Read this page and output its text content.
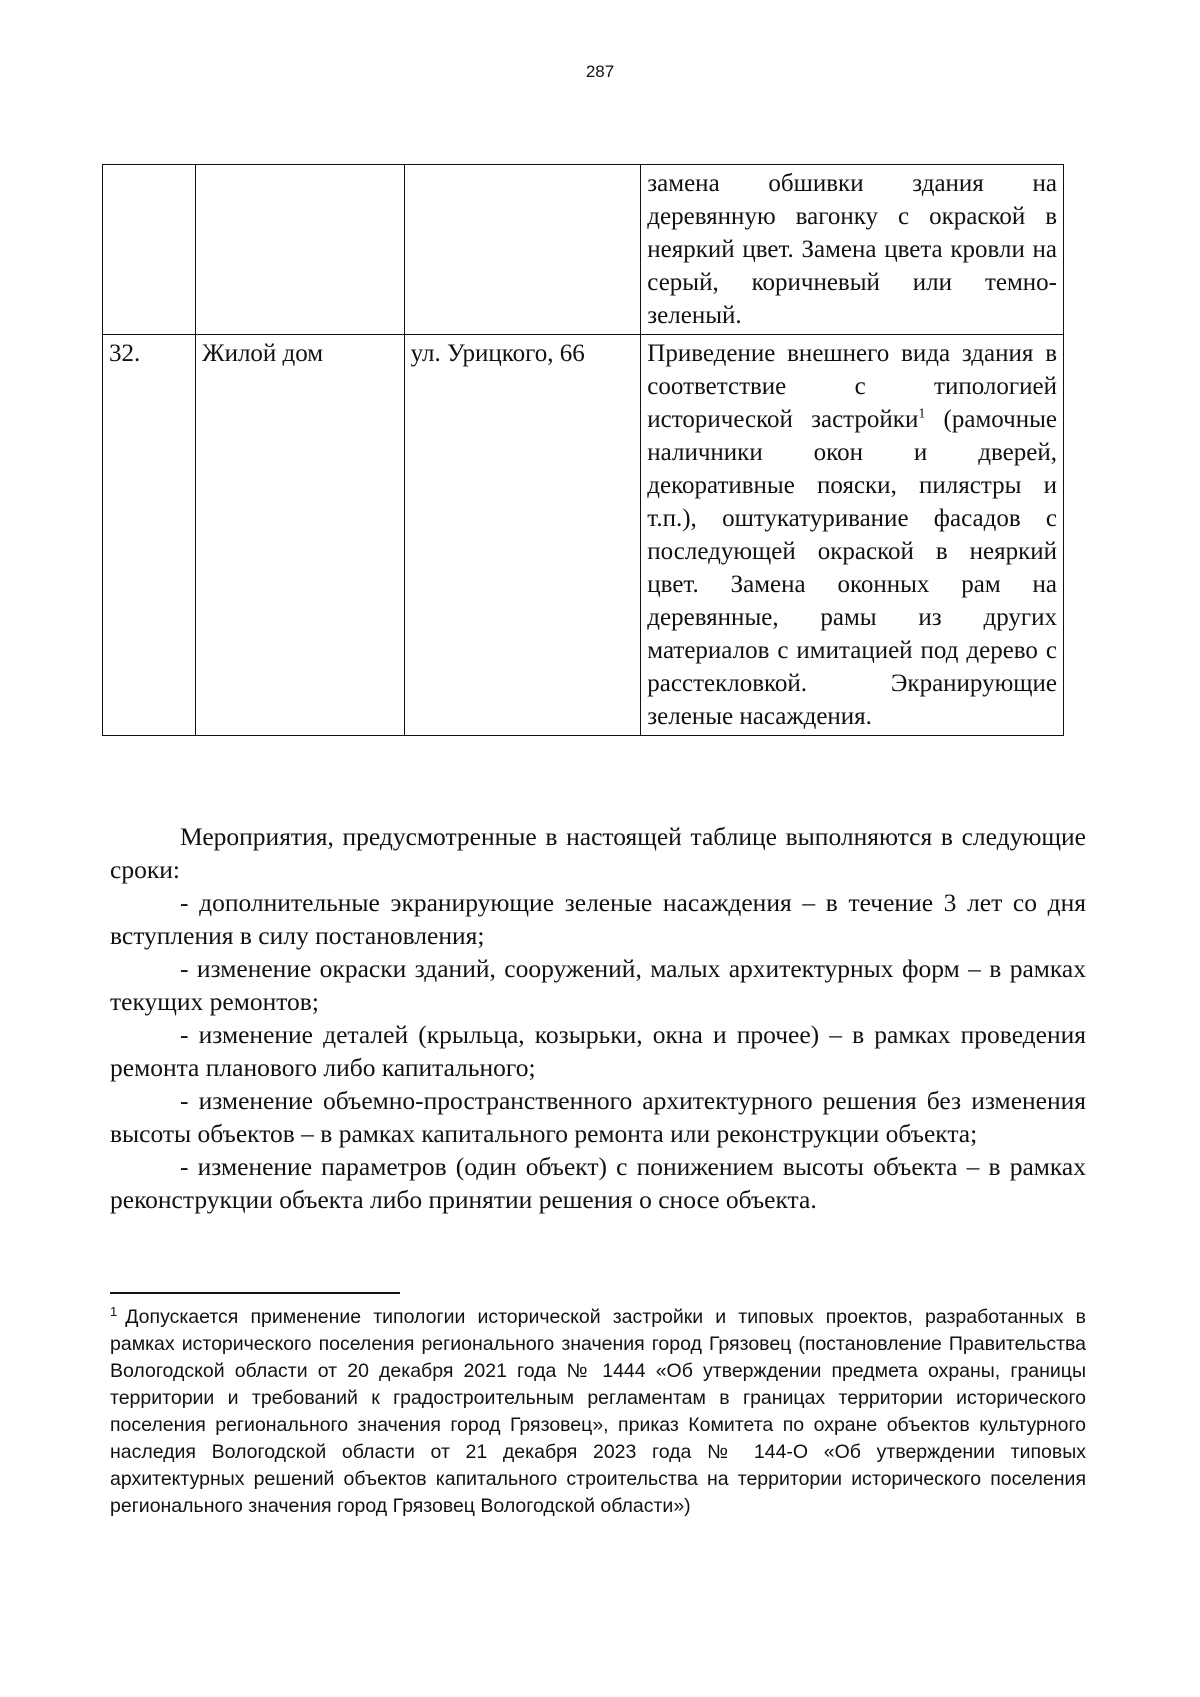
287
			замена обшивки здания на деревянную вагонку с окраской в неяркий цвет. Замена цвета кровли на серый, коричневый или темно-зеленый.
32.	Жилой дом	ул. Урицкого, 66	Приведение внешнего вида здания в соответствие с типологией исторической застройки$^1$ (рамочные наличники окон и дверей, декоративные пояски, пилястры и т.п.), оштукатуривание фасадов с последующей окраской в неяркий цвет. Замена оконных рам на деревянные, рамы из других материалов с имитацией под дерево с расстекловкой. Экранирующие зеленые насаждения.

Мероприятия, предусмотренные в настоящей таблице выполняются в следующие сроки:

- дополнительные экранирующие зеленые насаждения – в течение 3 лет со дня вступления в силу постановления;

- изменение окраски зданий, сооружений, малых архитектурных форм – в рамках текущих ремонтов;

- изменение деталей (крыльца, козырьки, окна и прочее) – в рамках проведения ремонта планового либо капитального;

- изменение объемно-пространственного архитектурного решения без изменения высоты объектов – в рамках капитального ремонта или реконструкции объекта;

- изменение параметров (один объект) с понижением высоты объекта – в рамках реконструкции объекта либо принятии решения о сносе объекта.

$^1$ Допускается применение типологии исторической застройки и типовых проектов, разработанных в рамках исторического поселения регионального значения город Грязовец (постановление Правительства Вологодской области от 20 декабря 2021 года № 1444 «Об утверждении предмета охраны, границы территории и требований к градостроительным регламентам в границах территории исторического поселения регионального значения город Грязовец», приказ Комитета по охране объектов культурного наследия Вологодской области от 21 декабря 2023 года № 144-О «Об утверждении типовых архитектурных решений объектов капитального строительства на территории исторического поселения регионального значения город Грязовец Вологодской области»)
